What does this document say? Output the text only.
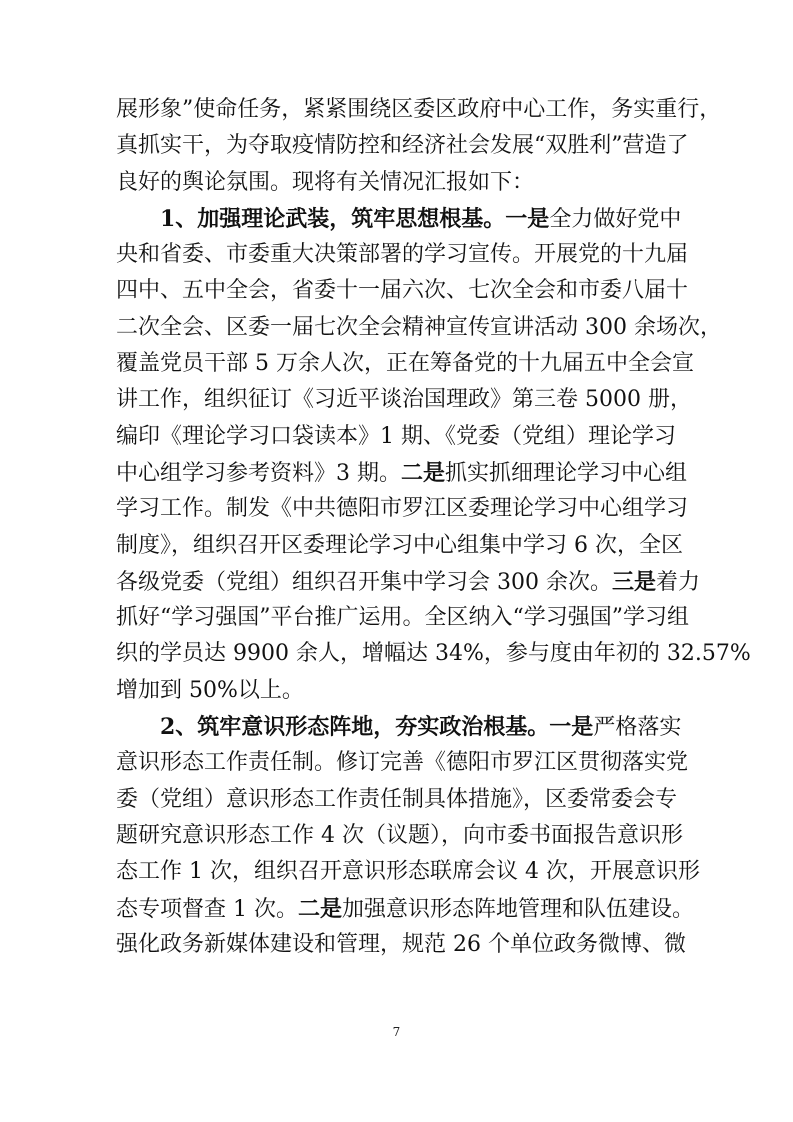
展形象”使命任务，紧紧围绕区委区政府中心工作，务实重行，
真抓实干，为夺取疫情防控和经济社会发展“双胜利”营造了
良好的舆论氛围。现将有关情况汇报如下：
1、加强理论武装，筑牢思想根基。一是全力做好党中
央和省委、市委重大决策部署的学习宣传。开展党的十九届
四中、五中全会，省委十一届六次、七次全会和市委八届十
二次全会、区委一届七次全会精神宣传宣讲活动 300 余场次，
覆盖党员干部 5 万余人次，正在筹备党的十九届五中全会宣
讲工作，组织征订《习近平谈治国理政》第三卷 5000 册，
编印《理论学习口袋读本》1 期、《党委（党组）理论学习
中心组学习参考资料》3 期。二是抓实抓细理论学习中心组
学习工作。制发《中共德阳市罗江区委理论学习中心组学习
制度》，组织召开区委理论学习中心组集中学习 6 次，全区
各级党委（党组）组织召开集中学习会 300 余次。三是着力
抓好“学习强国”平台推广运用。全区纳入“学习强国”学习组
织的学员达 9900 余人，增幅达 34%，参与度由年初的 32.57%
增加到 50%以上。
2、筑牢意识形态阵地，夯实政治根基。一是严格落实
意识形态工作责任制。修订完善《德阳市罗江区贯彻落实党
委（党组）意识形态工作责任制具体措施》，区委常委会专
题研究意识形态工作 4 次（议题），向市委书面报告意识形
态工作 1 次，组织召开意识形态联席会议 4 次，开展意识形
态专项督查 1 次。二是加强意识形态阵地管理和队伍建设。
强化政务新媒体建设和管理，规范 26 个单位政务微博、微
7
